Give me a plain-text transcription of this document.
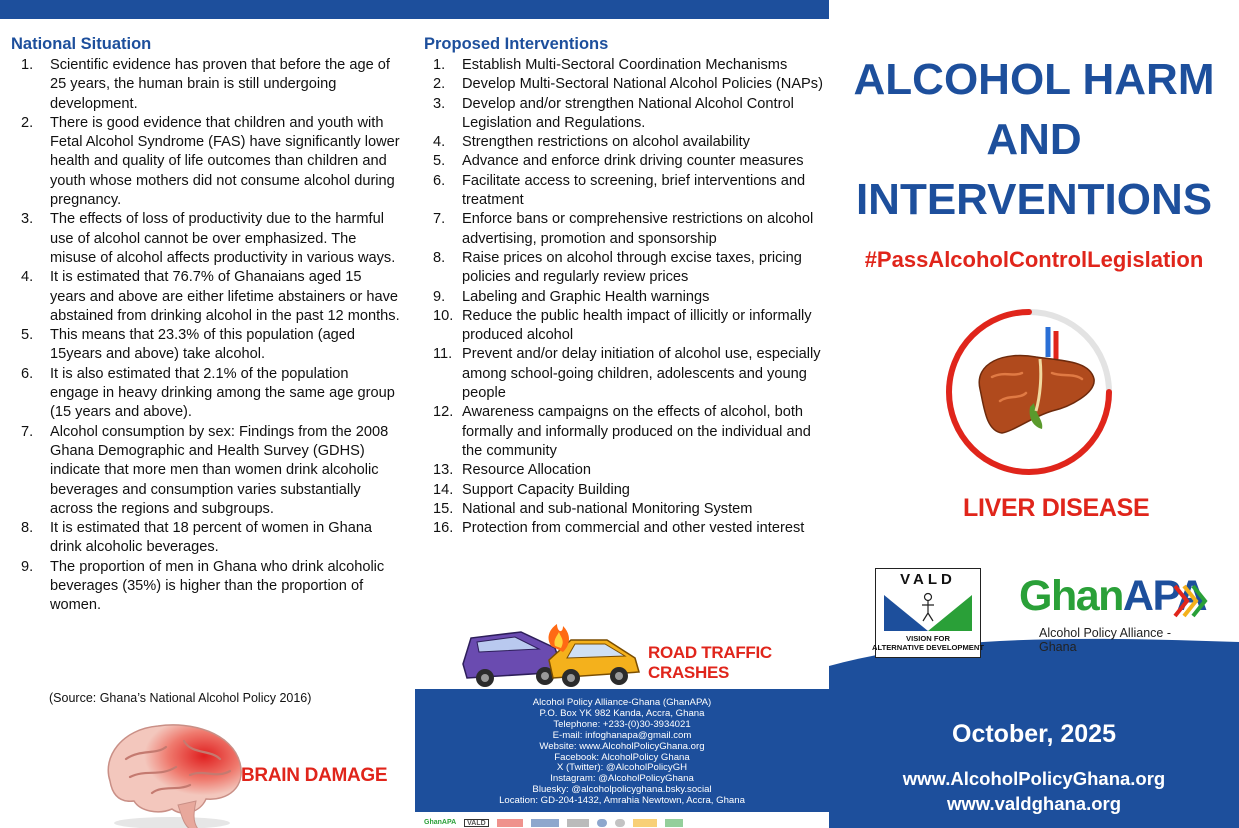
National Situation
1.	Scientific evidence has proven that before the age of 25 years, the human brain is still undergoing development.
2.	There is good evidence that children and youth with Fetal Alcohol Syndrome (FAS) have significantly lower health and quality of life outcomes than children and youth whose mothers did not consume alcohol during pregnancy.
3.	The effects of loss of productivity due to the harmful use of alcohol cannot be over emphasized. The misuse of alcohol affects productivity in various ways.
4.	It is estimated that 76.7% of Ghanaians aged 15 years and above are either lifetime abstainers or have abstained from drinking alcohol in the past 12 months.
5.	This means that 23.3% of this population (aged 15years and above) take alcohol.
6.	It is also estimated that 2.1% of the population engage in heavy drinking among the same age group (15 years and above).
7.	Alcohol consumption by sex: Findings from the 2008 Ghana Demographic and Health Survey (GDHS) indicate that more men than women drink alcoholic beverages and consumption varies substantially across the regions and subgroups.
8.	It is estimated that 18 percent of women in Ghana drink alcoholic beverages.
9.	The proportion of men in Ghana who drink alcoholic beverages (35%) is higher than the proportion of women.
(Source: Ghana’s National Alcohol Policy 2016)
BRAIN DAMAGE
Proposed Interventions
1.	Establish Multi-Sectoral Coordination Mechanisms
2.	Develop Multi-Sectoral National Alcohol Policies (NAPs)
3.	Develop and/or strengthen National Alcohol Control Legislation and Regulations.
4.	Strengthen restrictions on alcohol availability
5.	Advance and enforce drink driving counter measures
6.	Facilitate access to screening, brief interventions and treatment
7.	Enforce bans or comprehensive restrictions on alcohol advertising, promotion and sponsorship
8.	Raise prices on alcohol through excise taxes, pricing policies and regularly review prices
9.	Labeling and Graphic Health warnings
10. Reduce the public health impact of illicitly or informally produced alcohol
11. Prevent and/or delay initiation of alcohol use, especially among school-going children, adolescents and young people
12. Awareness campaigns on the effects of alcohol, both formally and informally produced on the individual and the community
13. Resource Allocation
14. Support Capacity Building
15. National and sub-national Monitoring System
16. Protection from commercial and other vested interest
ROAD TRAFFIC CRASHES
Alcohol Policy Alliance-Ghana (GhanAPA)
P.O. Box YK 982 Kanda, Accra, Ghana
Telephone: +233-(0)30-3934021
E-mail: infoghanapa@gmail.com
Website: www.AlcoholPolicyGhana.org
Facebook: AlcoholPolicy Ghana
X (Twitter): @AlcoholPolicyGH
Instagram: @AlcoholPolicyGhana
Bluesky: @alcoholpolicyghana.bsky.social
Location: GD-204-1432, Amrahia Newtown, Accra, Ghana
GhanAPA	VALD
ALCOHOL HARM
AND
INTERVENTIONS
#PassAlcoholControlLegislation
LIVER DISEASE
VALD
VISION FOR
ALTERNATIVE DEVELOPMENT
GhanAPA
Alcohol Policy Alliance - Ghana
October, 2025
www.AlcoholPolicyGhana.org
www.valdghana.org
